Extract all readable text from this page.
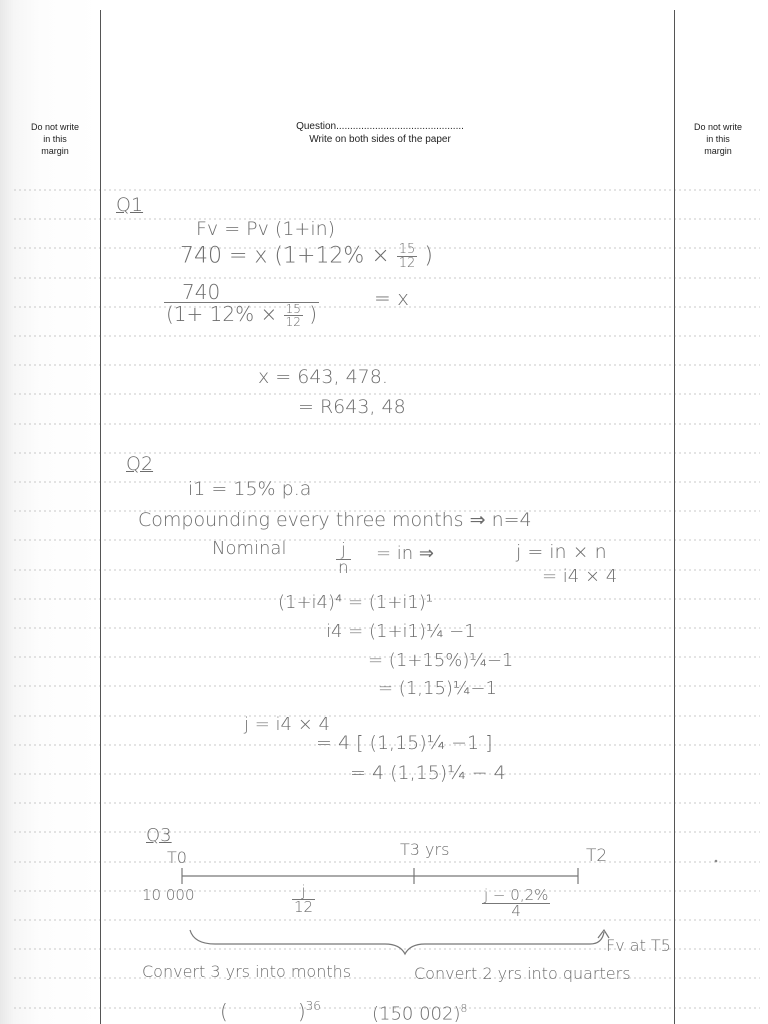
Do not write
in this
margin
Do not write
in this
margin
Question..............................................
Write on both sides of the paper
Q1
Fv = Pv (1+in)
740 = x ($1+12\% \times \frac{15}{12}$ )
$\frac{740}{(1+ 12\% \times \frac{15}{12} )}$	= x
x = 643, 478.
= R643, 48
Q2
i1 = 15% p.a
Compounding every three months ⇒ n=4
Nominal	$\frac{j}{n}$ = in ⇒	j = in × n
= i4 × 4
(1+i4)⁴ = (1+i1)¹
i4 = (1+i1)¼ −1
= (1+15%)¼−1
= (1,15)¼−1
j = i4 × 4
= 4 [ (1,15)¼ −1 ]
= 4 (1,15)¼ − 4
Q3
T0	T3 yrs	T2
10 000	$\frac{j}{12}$	$\frac{j - 0,2\%}{4}$
Fv at T5
Convert 3 yrs into months	Convert 2 yrs into quarters
(	)$^{36}$	(150 002)$^8$
